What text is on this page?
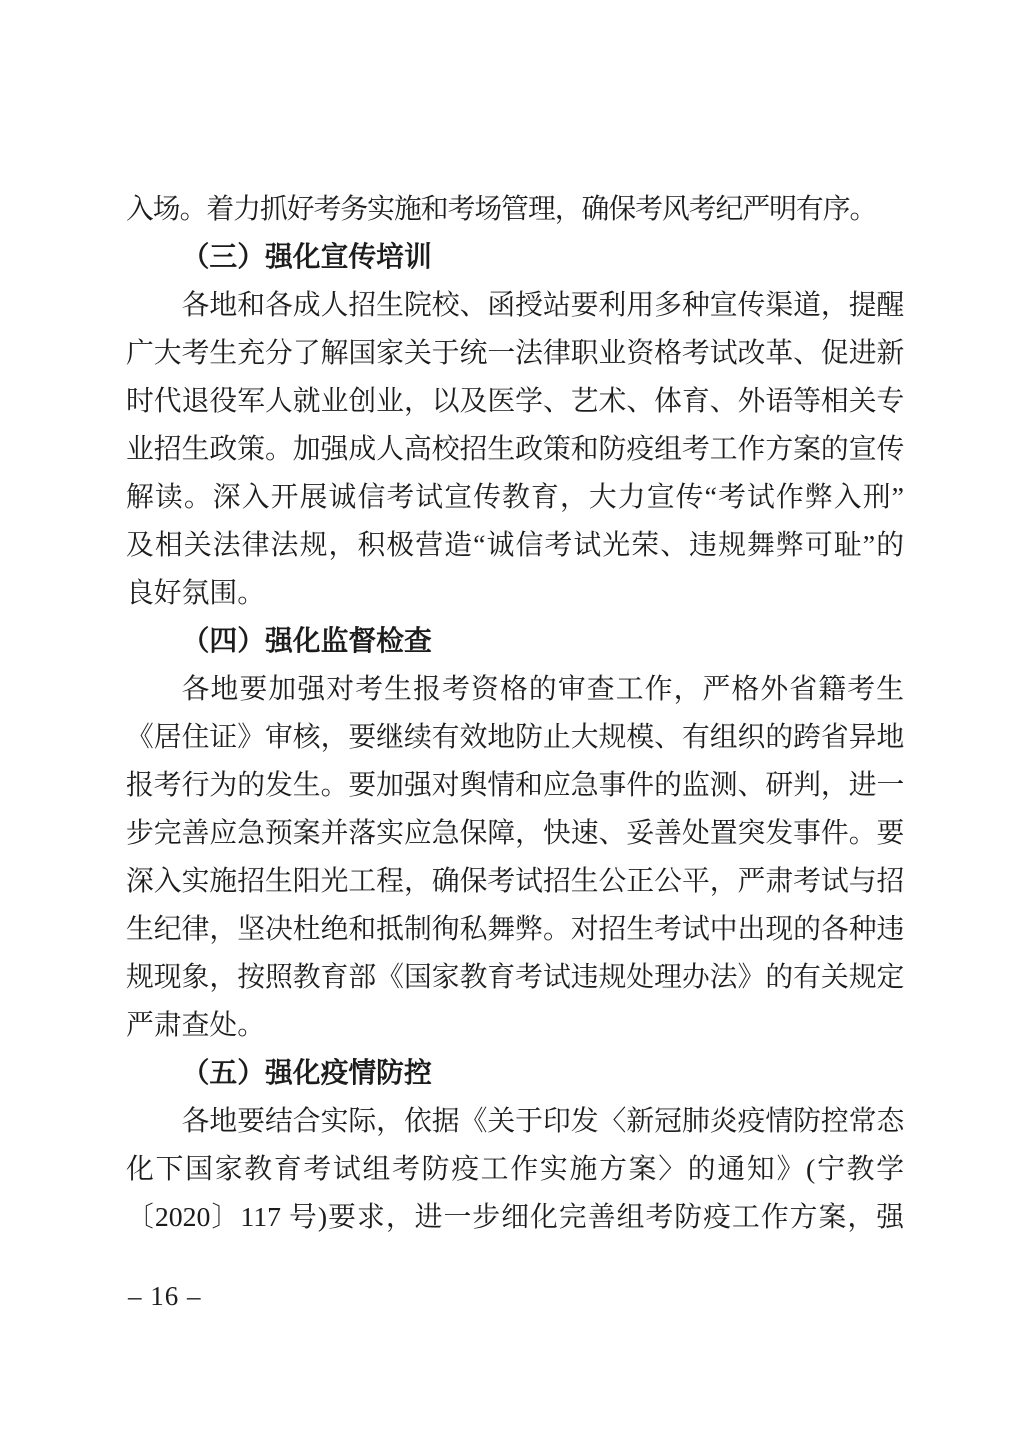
入场。着力抓好考务实施和考场管理，确保考风考纪严明有序。
（三）强化宣传培训
各地和各成人招生院校、函授站要利用多种宣传渠道，提醒
广大考生充分了解国家关于统一法律职业资格考试改革、促进新
时代退役军人就业创业，以及医学、艺术、体育、外语等相关专
业招生政策。加强成人高校招生政策和防疫组考工作方案的宣传
解读。深入开展诚信考试宣传教育，大力宣传“考试作弊入刑”
及相关法律法规，积极营造“诚信考试光荣、违规舞弊可耻”的
良好氛围。
（四）强化监督检查
各地要加强对考生报考资格的审查工作，严格外省籍考生
《居住证》审核，要继续有效地防止大规模、有组织的跨省异地
报考行为的发生。要加强对舆情和应急事件的监测、研判，进一
步完善应急预案并落实应急保障，快速、妥善处置突发事件。要
深入实施招生阳光工程，确保考试招生公正公平，严肃考试与招
生纪律，坚决杜绝和抵制徇私舞弊。对招生考试中出现的各种违
规现象，按照教育部《国家教育考试违规处理办法》的有关规定
严肃查处。
（五）强化疫情防控
各地要结合实际，依据《关于印发〈新冠肺炎疫情防控常态
化下国家教育考试组考防疫工作实施方案〉的通知》(宁教学
〔2020〕117 号)要求，进一步细化完善组考防疫工作方案，强
– 16 –
